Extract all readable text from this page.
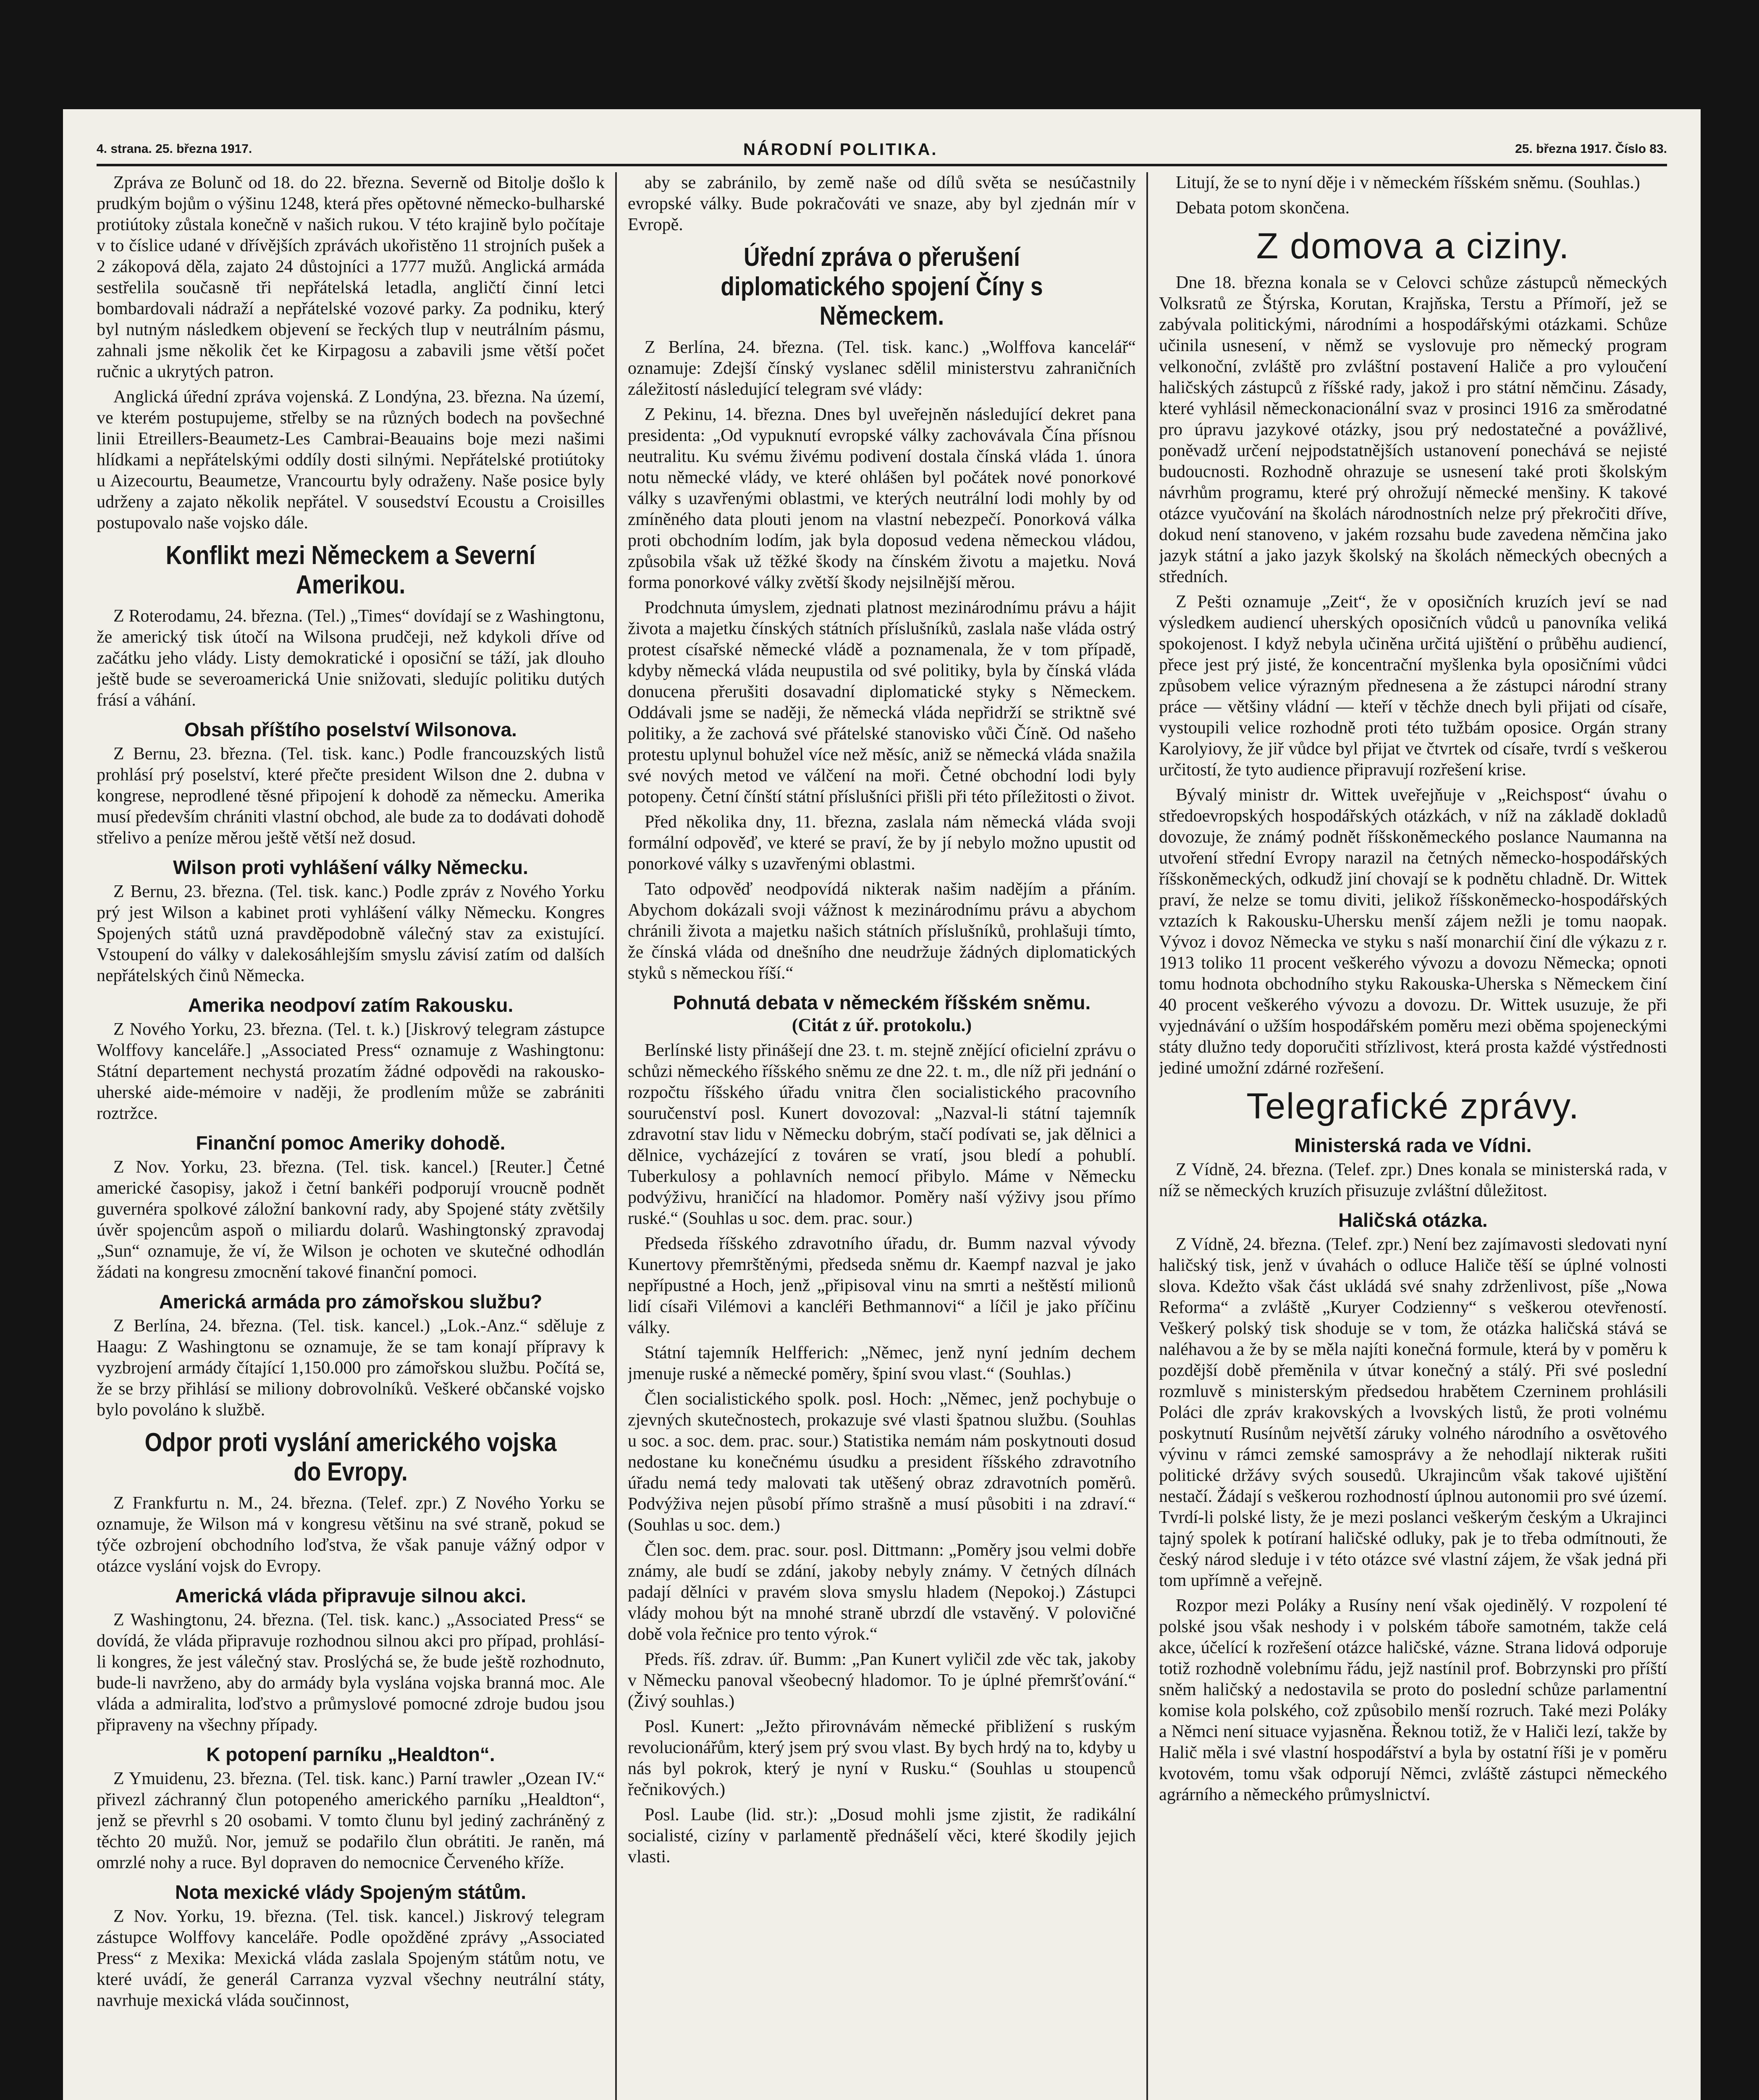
4. strana. 25. března 1917.	NÁRODNÍ POLITIKA.	25. března 1917. Číslo 83.

Zpráva ze Bolunč od 18. do 22. března. Severně od Bitolje došlo k prudkým bojům o výšinu 1248, která přes opětovné německo-bulharské protiútoky zůstala konečně v našich rukou. V této krajině bylo počítaje v to číslice udané v dřívějších zprávách ukořistěno 11 strojních pušek a 2 zákopová děla, zajato 24 důstojníci a 1777 mužů. Anglická armáda sestřelila současně tři nepřátelská letadla, angličtí činní letci bombardovali nádraží a nepřátelské vozové parky. Za podniku, který byl nutným následkem objevení se řeckých tlup v neutrálním pásmu, zahnali jsme několik čet ke Kirpagosu a zabavili jsme větší počet ručnic a ukrytých patron.

Anglická úřední zpráva vojenská. Z Londýna, 23. března. Na území, ve kterém postupujeme, střelby se na různých bodech na povšechné linii Etreillers-Beaumetz-Les Cambrai-Beauains boje mezi našimi hlídkami a nepřátelskými oddíly dosti silnými. Nepřátelské protiútoky u Aizecourtu, Beaumetze, Vrancourtu byly odraženy. Naše posice byly udrženy a zajato několik nepřátel. V sousedství Ecoustu a Croisilles postupovalo naše vojsko dále.

Konflikt mezi Německem a Severní Amerikou.

Z Roterodamu, 24. března. (Tel.) „Times“ dovídají se z Washingtonu, že americký tisk útočí na Wilsona prudčeji, než kdykoli dříve od začátku jeho vlády. Listy demokratické i oposiční se táží, jak dlouho ještě bude se severoamerická Unie snižovati, sledujíc politiku dutých frásí a váhání.

Obsah příštího poselství Wilsonova.

Z Bernu, 23. března. (Tel. tisk. kanc.) Podle francouzských listů prohlásí prý poselství, které přečte president Wilson dne 2. dubna v kongrese, neprodlené těsné připojení k dohodě za německu. Amerika musí především chrániti vlastní obchod, ale bude za to dodávati dohodě střelivo a peníze měrou ještě větší než dosud.

Wilson proti vyhlášení války Německu.

Z Bernu, 23. března. (Tel. tisk. kanc.) Podle zpráv z Nového Yorku prý jest Wilson a kabinet proti vyhlášení války Německu. Kongres Spojených států uzná pravděpodobně válečný stav za existující. Vstoupení do války v dalekosáhlejším smyslu závisí zatím od dalších nepřátelských činů Německa.

Amerika neodpoví zatím Rakousku.

Z Nového Yorku, 23. března. (Tel. t. k.) [Jiskrový telegram zástupce Wolffovy kanceláře.] „Associated Press“ oznamuje z Washingtonu: Státní departement nechystá prozatím žádné odpovědi na rakousko-uherské aide-mémoire v naději, že prodlením může se zabrániti roztržce.

Finanční pomoc Ameriky dohodě.

Z Nov. Yorku, 23. března. (Tel. tisk. kancel.) [Reuter.] Četné americké časopisy, jakož i četní bankéři podporují vroucně podnět guvernéra spolkové záložní bankovní rady, aby Spojené státy zvětšily úvěr spojencům aspoň o miliardu dolarů. Washingtonský zpravodaj „Sun“ oznamuje, že ví, že Wilson je ochoten ve skutečné odhodlán žádati na kongresu zmocnění takové finanční pomoci.

Americká armáda pro zámořskou službu?

Z Berlína, 24. března. (Tel. tisk. kancel.) „Lok.-Anz.“ sděluje z Haagu: Z Washingtonu se oznamuje, že se tam konají přípravy k vyzbrojení armády čítající 1,150.000 pro zámořskou službu. Počítá se, že se brzy přihlásí se miliony dobrovolníků. Veškeré občanské vojsko bylo povoláno k službě.

Odpor proti vyslání amerického vojska do Evropy.

Z Frankfurtu n. M., 24. března. (Telef. zpr.) Z Nového Yorku se oznamuje, že Wilson má v kongresu většinu na své straně, pokud se týče ozbrojení obchodního loďstva, že však panuje vážný odpor v otázce vyslání vojsk do Evropy.

Americká vláda připravuje silnou akci.

Z Washingtonu, 24. března. (Tel. tisk. kanc.) „Associated Press“ se dovídá, že vláda připravuje rozhodnou silnou akci pro případ, prohlásí-li kongres, že jest válečný stav. Proslýchá se, že bude ještě rozhodnuto, bude-li navrženo, aby do armády byla vyslána vojska branná moc. Ale vláda a admiralita, loďstvo a průmyslové pomocné zdroje budou jsou připraveny na všechny případy.

K potopení parníku „Healdton“.

Z Ymuidenu, 23. března. (Tel. tisk. kanc.) Parní trawler „Ozean IV.“ přivezl záchranný člun potopeného amerického parníku „Healdton“, jenž se převrhl s 20 osobami. V tomto člunu byl jediný zachráněný z těchto 20 mužů. Nor, jemuž se podařilo člun obrátiti. Je raněn, má omrzlé nohy a ruce. Byl dopraven do nemocnice Červeného kříže.

Nota mexické vlády Spojeným státům.

Z Nov. Yorku, 19. března. (Tel. tisk. kancel.) Jiskrový telegram zástupce Wolffovy kanceláře. Podle opožděné zprávy „Associated Press“ z Mexika: Mexická vláda zaslala Spojeným státům notu, ve které uvádí, že generál Carranza vyzval všechny neutrální státy, navrhuje mexická vláda součinnost,

aby se zabránilo, by země naše od dílů světa se nesúčastnily evropské války. Bude pokračováti ve snaze, aby byl zjednán mír v Evropě.

Úřední zpráva o přerušení diplomatického spojení Číny s Německem.

Z Berlína, 24. března. (Tel. tisk. kanc.) „Wolffova kancelář“ oznamuje: Zdejší čínský vyslanec sdělil ministerstvu zahraničních záležitostí následující telegram své vlády:

Z Pekinu, 14. března. Dnes byl uveřejněn následující dekret pana presidenta: „Od vypuknutí evropské války zachovávala Čína přísnou neutralitu. Ku svému živému podivení dostala čínská vláda 1. února notu německé vlády, ve které ohlášen byl počátek nové ponorkové války s uzavřenými oblastmi, ve kterých neutrální lodi mohly by od zmíněného data plouti jenom na vlastní nebezpečí. Ponorková válka proti obchodním lodím, jak byla doposud vedena německou vládou, způsobila však už těžké škody na čínském životu a majetku. Nová forma ponorkové války zvětší škody nejsilnější měrou.

Prodchnuta úmyslem, zjednati platnost mezinárodnímu právu a hájit života a majetku čínských státních příslušníků, zaslala naše vláda ostrý protest císařské německé vládě a poznamenala, že v tom případě, kdyby německá vláda neupustila od své politiky, byla by čínská vláda donucena přerušiti dosavadní diplomatické styky s Německem. Oddávali jsme se naději, že německá vláda nepřidrží se striktně své politiky, a že zachová své přátelské stanovisko vůči Číně. Od našeho protestu uplynul bohužel více než měsíc, aniž se německá vláda snažila své nových metod ve válčení na moři. Četné obchodní lodi byly potopeny. Četní čínští státní příslušníci přišli při této příležitosti o život.

Před několika dny, 11. března, zaslala nám německá vláda svoji formální odpověď, ve které se praví, že by jí nebylo možno upustit od ponorkové války s uzavřenými oblastmi.

Tato odpověď neodpovídá nikterak našim nadějím a přáním. Abychom dokázali svoji vážnost k mezinárodnímu právu a abychom chránili života a majetku našich státních příslušníků, prohlašuji tímto, že čínská vláda od dnešního dne neudržuje žádných diplomatických styků s německou říší.“

Pohnutá debata v německém říšském sněmu.
(Citát z úř. protokolu.)

Berlínské listy přinášejí dne 23. t. m. stejně znějící oficielní zprávu o schůzi německého říšského sněmu ze dne 22. t. m., dle níž při jednání o rozpočtu říšského úřadu vnitra člen socialistického pracovního souručenství posl. Kunert dovozoval: „Nazval-li státní tajemník zdravotní stav lidu v Německu dobrým, stačí podívati se, jak dělnici a dělnice, vycházející z továren se vratí, jsou bledí a pohublí. Tuberkulosy a pohlavních nemocí přibylo. Máme v Německu podvýživu, hraničící na hladomor. Poměry naší výživy jsou přímo ruské.“ (Souhlas u soc. dem. prac. sour.)

Předseda říšského zdravotního úřadu, dr. Bumm nazval vývody Kunertovy přemrštěnými, předseda sněmu dr. Kaempf nazval je jako nepřípustné a Hoch, jenž „připisoval vinu na smrti a neštěstí milionů lidí císaři Vilémovi a kancléři Bethmannovi“ a líčil je jako příčinu války.

Státní tajemník Helfferich: „Němec, jenž nyní jedním dechem jmenuje ruské a německé poměry, špiní svou vlast.“ (Souhlas.)

Člen socialistického spolk. posl. Hoch: „Němec, jenž pochybuje o zjevných skutečnostech, prokazuje své vlasti špatnou službu. (Souhlas u soc. a soc. dem. prac. sour.) Statistika nemám nám poskytnouti dosud nedostane ku konečnému úsudku a president říšského zdravotního úřadu nemá tedy malovati tak utěšený obraz zdravotních poměrů. Podvýživa nejen působí přímo strašně a musí působiti i na zdraví.“ (Souhlas u soc. dem.)

Člen soc. dem. prac. sour. posl. Dittmann: „Poměry jsou velmi dobře známy, ale budí se zdání, jakoby nebyly známy. V četných dílnách padají dělníci v pravém slova smyslu hladem (Nepokoj.) Zástupci vlády mohou být na mnohé straně ubrzdí dle vstavěný. V polovičné době vola řečnice pro tento výrok.“

Předs. říš. zdrav. úř. Bumm: „Pan Kunert vyličil zde věc tak, jakoby v Německu panoval všeobecný hladomor. To je úplné přemršťování.“ (Živý souhlas.)

Posl. Kunert: „Ježto přirovnávám německé přibližení s ruským revolucionářům, který jsem prý svou vlast. By bych hrdý na to, kdyby u nás byl pokrok, který je nyní v Rusku.“ (Souhlas u stoupenců řečnikových.)

Posl. Laube (lid. str.): „Dosud mohli jsme zjistit, že radikální socialisté, cizíny v parlamentě přednášelí věci, které škodily jejich vlasti.

Litují, že se to nyní děje i v německém říšském sněmu. (Souhlas.)

Debata potom skončena.

Z domova a ciziny.

Dne 18. března konala se v Celovci schůze zástupců německých Volksratů ze Štýrska, Korutan, Krajňska, Terstu a Přímoří, jež se zabývala politickými, národními a hospodářskými otázkami. Schůze učinila usnesení, v němž se vyslovuje pro německý program velkonoční, zvláště pro zvláštní postavení Haliče a pro vyloučení haličských zástupců z říšské rady, jakož i pro státní němčinu. Zásady, které vyhlásil německonacionální svaz v prosinci 1916 za směrodatné pro úpravu jazykové otázky, jsou prý nedostatečné a povážlivé, poněvadž určení nejpodstatnějších ustanovení ponechává se nejisté budoucnosti. Rozhodně ohrazuje se usnesení také proti školským návrhům programu, které prý ohrožují německé menšiny. K takové otázce vyučování na školách národnostních nelze prý překročiti dříve, dokud není stanoveno, v jakém rozsahu bude zavedena němčina jako jazyk státní a jako jazyk školský na školách německých obecných a středních.

Z Pešti oznamuje „Zeit“, že v oposičních kruzích jeví se nad výsledkem audiencí uherských oposičních vůdců u panovníka veliká spokojenost. I když nebyla učiněna určitá ujištění o průběhu audiencí, přece jest prý jisté, že koncentrační myšlenka byla oposičními vůdci způsobem velice výrazným přednesena a že zástupci národní strany práce — většiny vládní — kteří v těchže dnech byli přijati od císaře, vystoupili velice rozhodně proti této tužbám oposice. Orgán strany Karolyiovy, že jiř vůdce byl přijat ve čtvrtek od císaře, tvrdí s veškerou určitostí, že tyto audience připravují rozřešení krise.

Bývalý ministr dr. Wittek uveřejňuje v „Reichspost“ úvahu o středoevropských hospodářských otázkách, v níž na základě dokladů dovozuje, že známý podnět říšskoněmeckého poslance Naumanna na utvoření střední Evropy narazil na četných německo-hospodářských říšskoněmeckých, odkudž jiní chovají se k podnětu chladně. Dr. Wittek praví, že nelze se tomu diviti, jelikož říšskoněmecko-hospodářských vztazích k Rakousku-Uhersku menší zájem nežli je tomu naopak. Vývoz i dovoz Německa ve styku s naší monarchií činí dle výkazu z r. 1913 toliko 11 procent veškerého vývozu a dovozu Německa; opnoti tomu hodnota obchodního styku Rakouska-Uherska s Německem činí 40 procent veškerého vývozu a dovozu. Dr. Wittek usuzuje, že při vyjednávání o užším hospodářském poměru mezi oběma spojeneckými státy dlužno tedy doporučiti střízlivost, která prosta každé výstřednosti jediné umožní zdárné rozřešení.

Telegrafické zprávy.
Ministerská rada ve Vídni.

Z Vídně, 24. března. (Telef. zpr.) Dnes konala se ministerská rada, v níž se německých kruzích přisuzuje zvláštní důležitost.

Haličská otázka.

Z Vídně, 24. března. (Telef. zpr.) Není bez zajímavosti sledovati nyní haličský tisk, jenž v úvahách o odluce Haliče těší se úplné volnosti slova. Kdežto však část ukládá své snahy zdrženlivost, píše „Nowa Reforma“ a zvláště „Kuryer Codzienny“ s veškerou otevřeností. Veškerý polský tisk shoduje se v tom, že otázka haličská stává se naléhavou a že by se měla najíti konečná formule, která by v poměru k pozdější době přeměnila v útvar konečný a stálý. Při své poslední rozmluvě s ministerským předsedou hrabětem Czerninem prohlásili Poláci dle zpráv krakovských a lvovských listů, že proti volnému poskytnutí Rusínům největší záruky volného národního a osvětového vývinu v rámci zemské samosprávy a že nehodlají nikterak rušiti politické držávy svých sousedů. Ukrajincům však takové ujištění nestačí. Žádají s veškerou rozhodností úplnou autonomii pro své území. Tvrdí-li polské listy, že je mezi poslanci veškerým českým a Ukrajinci tajný spolek k potíraní haličské odluky, pak je to třeba odmítnouti, že český národ sleduje i v této otázce své vlastní zájem, že však jedná při tom upřímně a veřejně.

Rozpor mezi Poláky a Rusíny není však ojedinělý. V rozpolení té polské jsou však neshody i v polském táboře samotném, takže celá akce, účelící k rozřešení otázce haličské, vázne. Strana lidová odporuje totiž rozhodně volebnímu řádu, jejž nastínil prof. Bobrzynski pro příští sněm haličský a nedostavila se proto do poslední schůze parlamentní komise kola polského, což způsobilo menší rozruch. Také mezi Poláky a Němci není situace vyjasněna. Řeknou totiž, že v Haliči lezí, takže by Halič měla i své vlastní hospodářství a byla by ostatní říši je v poměru kvotovém, tomu však odporují Němci, zvláště zástupci německého agrárního a německého průmyslnictví.
